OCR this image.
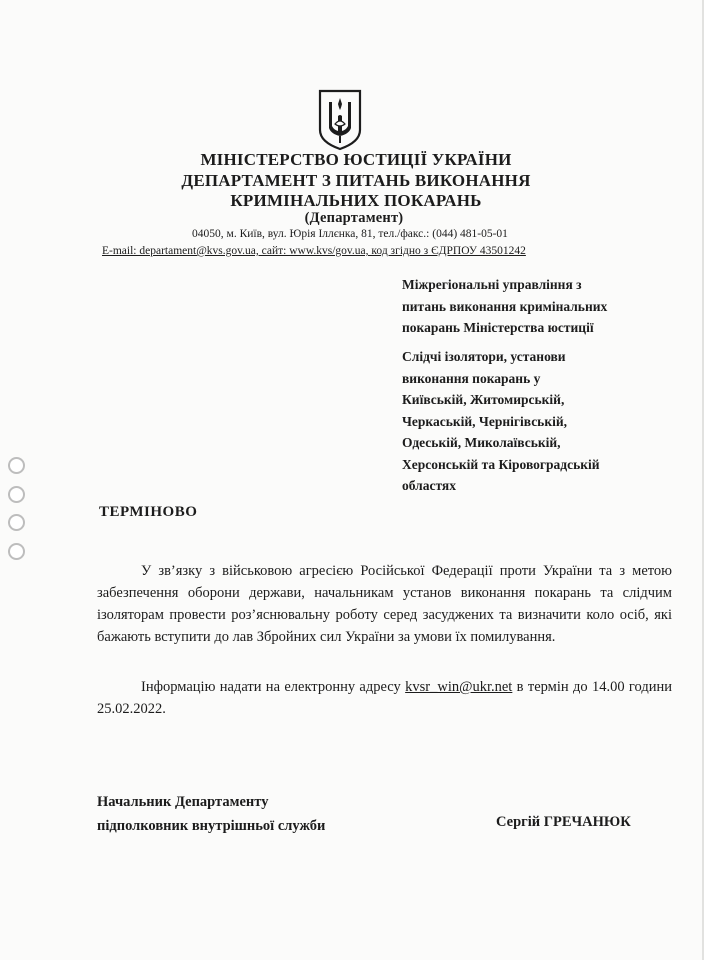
МІНІСТЕРСТВО ЮСТИЦІЇ УКРАЇНИ
ДЕПАРТАМЕНТ З ПИТАНЬ ВИКОНАННЯ
КРИМІНАЛЬНИХ ПОКАРАНЬ
(Департамент)
04050, м. Київ, вул. Юрія Іллєнка, 81, тел./факс.: (044) 481-05-01
E-mail: departament@kvs.gov.ua, сайт: www.kvs/gov.ua, код згідно з ЄДРПОУ 43501242
Міжрегіональні управління з
питань виконання кримінальних
покарань Міністерства юстиції
Слідчі ізолятори, установи
виконання покарань у
Київській, Житомирській,
Черкаській, Чернігівській,
Одеській, Миколаївській,
Херсонській та Кіровоградській
областях
ТЕРМІНОВО
У зв’язку з військовою агресією Російської Федерації проти України та з метою забезпечення оборони держави, начальникам установ виконання покарань та слідчим ізоляторам провести роз’яснювальну роботу серед засуджених та визначити коло осіб, які бажають вступити до лав Збройних сил України за умови їх помилування.
Інформацію надати на електронну адресу kvsr_win@ukr.net в термін до 14.00 години 25.02.2022.
Начальник Департаменту
підполковник внутрішньої служби	Сергій ГРЕЧАНЮК
